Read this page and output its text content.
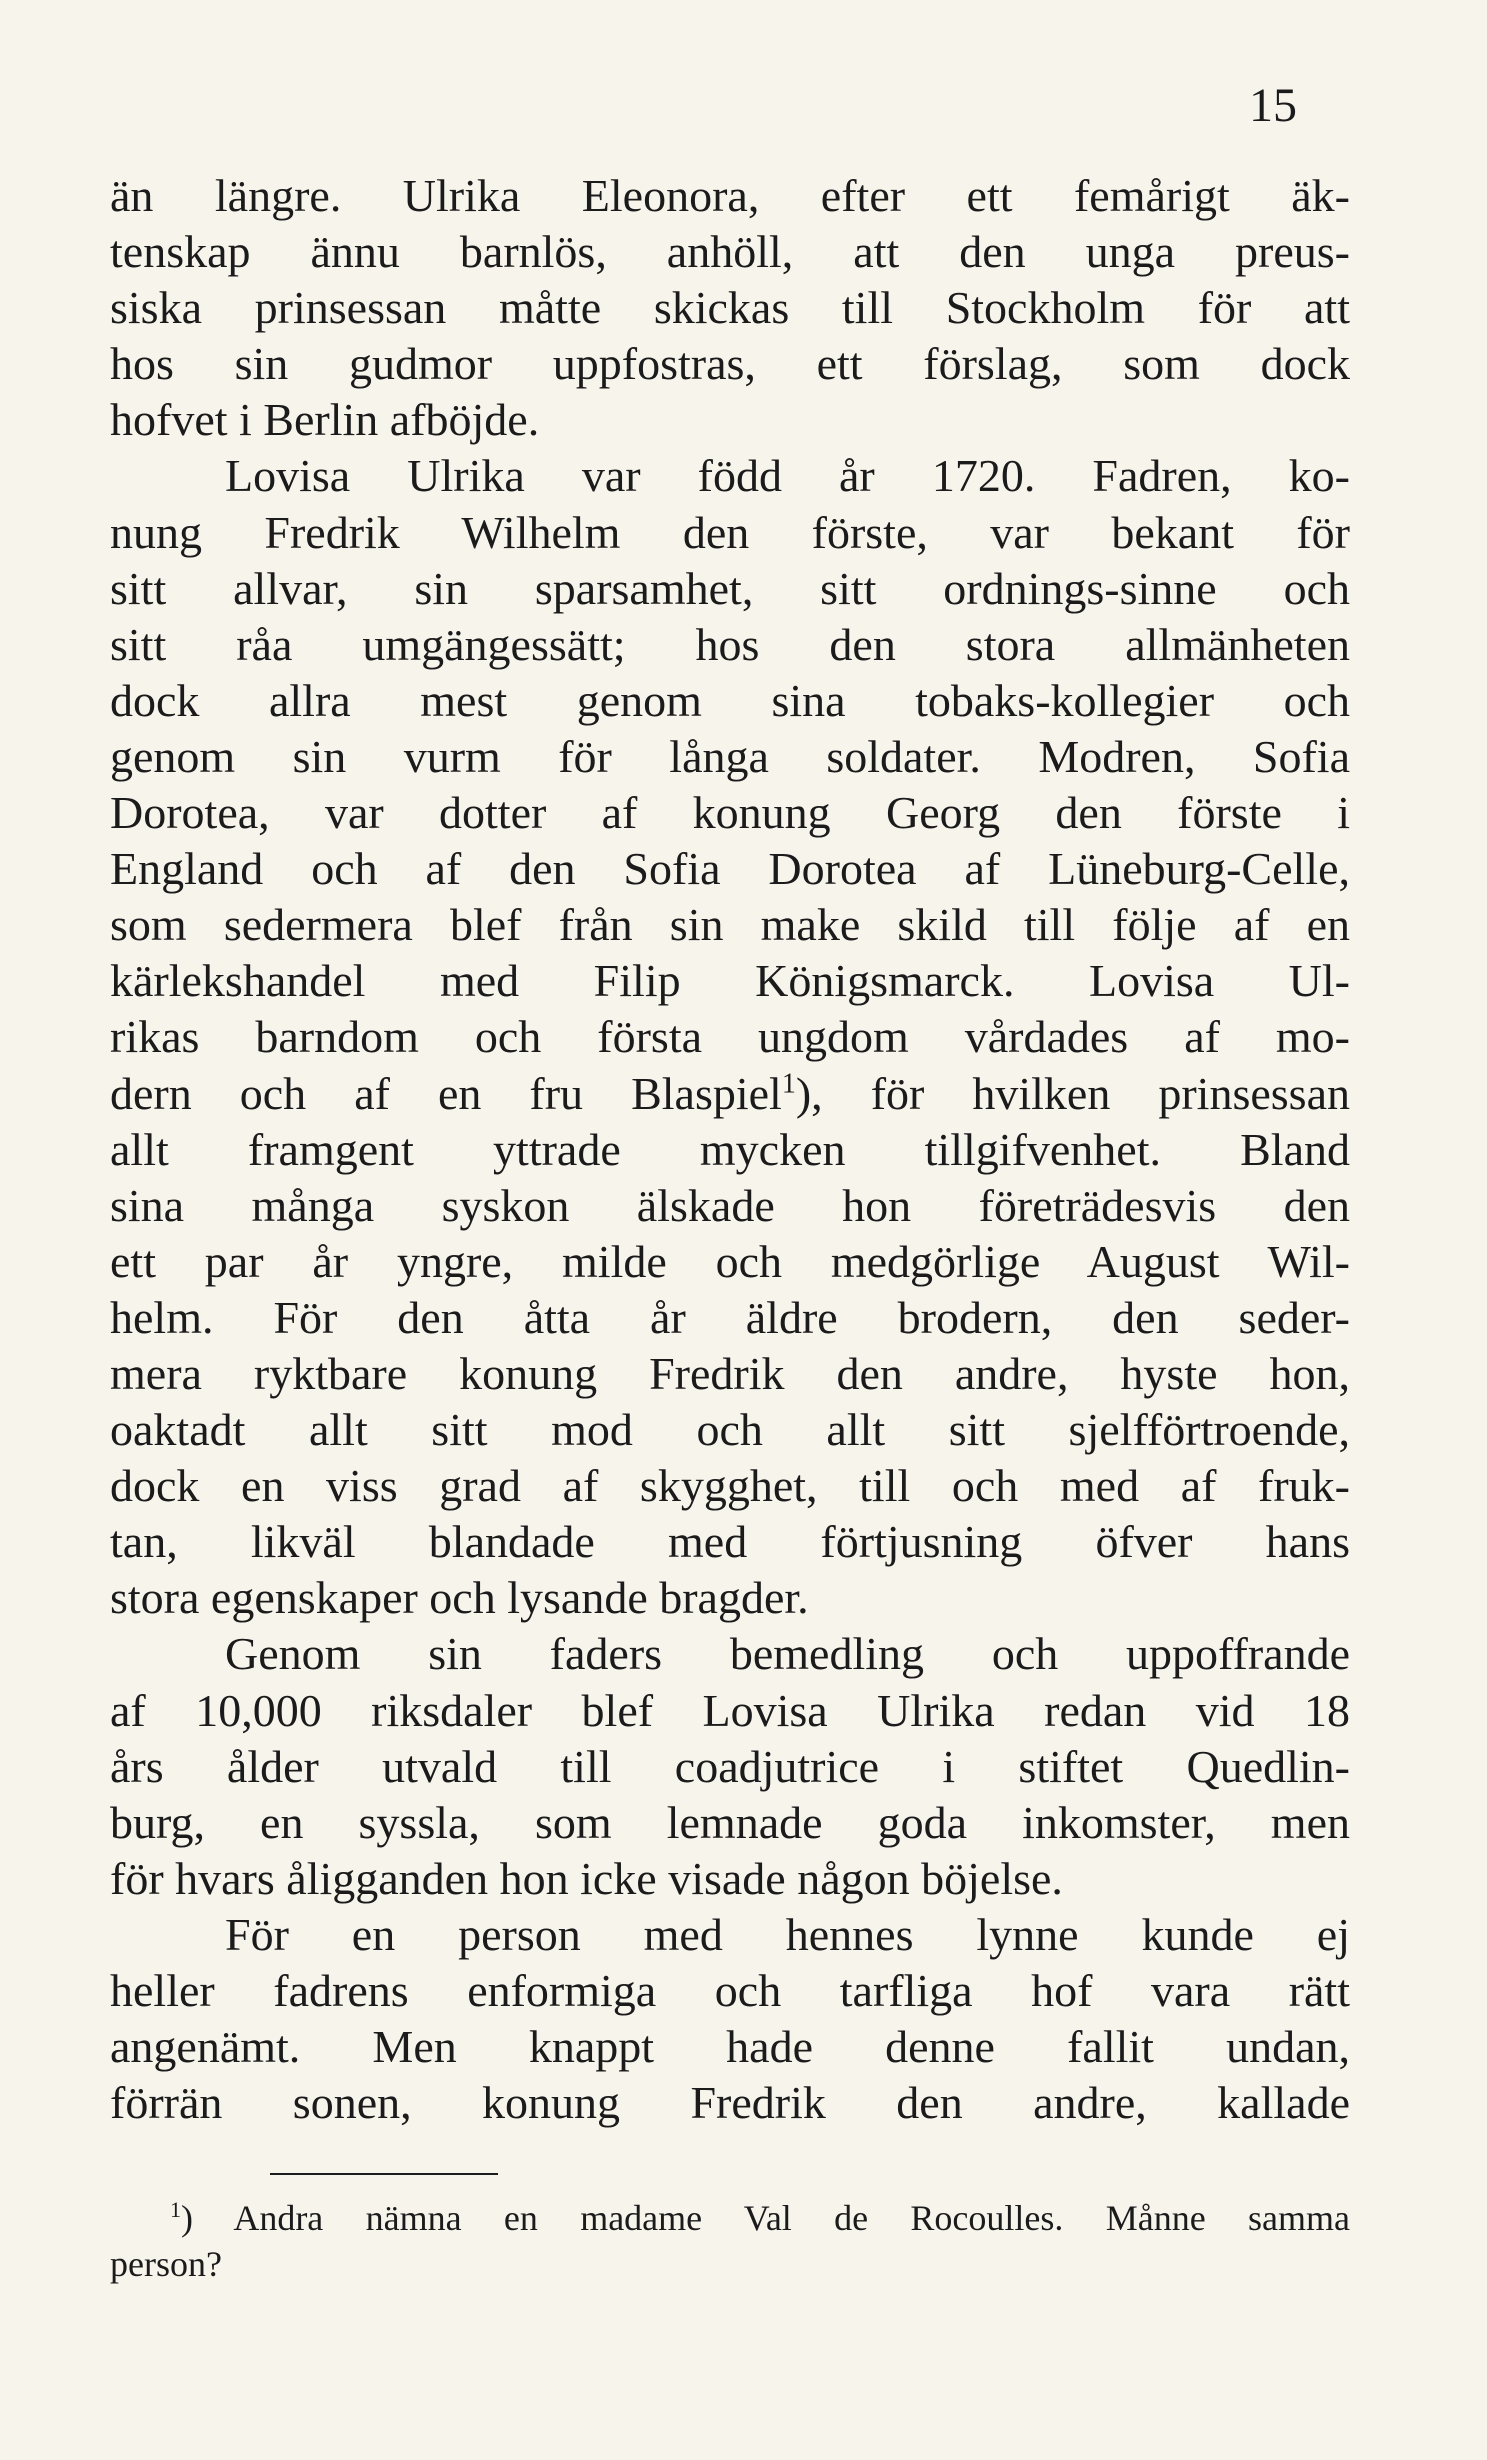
15
än längre. Ulrika Eleonora, efter ett femårigt äk-
tenskap ännu barnlös, anhöll, att den unga preus-
siska prinsessan måtte skickas till Stockholm för att
hos sin gudmor uppfostras, ett förslag, som dock
hofvet i Berlin afböjde.
Lovisa Ulrika var född år 1720. Fadren, ko-
nung Fredrik Wilhelm den förste, var bekant för
sitt allvar, sin sparsamhet, sitt ordnings-sinne och
sitt råa umgängessätt; hos den stora allmänheten
dock allra mest genom sina tobaks-kollegier och
genom sin vurm för långa soldater. Modren, Sofia
Dorotea, var dotter af konung Georg den förste i
England och af den Sofia Dorotea af Lüneburg-Celle,
som sedermera blef från sin make skild till följe af en
kärlekshandel med Filip Königsmarck. Lovisa Ul-
rikas barndom och första ungdom vårdades af mo-
dern och af en fru Blaspiel$^1$), för hvilken prinsessan
allt framgent yttrade mycken tillgifvenhet. Bland
sina många syskon älskade hon företrädesvis den
ett par år yngre, milde och medgörlige August Wil-
helm. För den åtta år äldre brodern, den seder-
mera ryktbare konung Fredrik den andre, hyste hon,
oaktadt allt sitt mod och allt sitt sjelfförtroende,
dock en viss grad af skygghet, till och med af fruk-
tan, likväl blandade med förtjusning öfver hans
stora egenskaper och lysande bragder.
Genom sin faders bemedling och uppoffrande
af 10,000 riksdaler blef Lovisa Ulrika redan vid 18
års ålder utvald till coadjutrice i stiftet Quedlin-
burg, en syssla, som lemnade goda inkomster, men
för hvars åligganden hon icke visade någon böjelse.
För en person med hennes lynne kunde ej
heller fadrens enformiga och tarfliga hof vara rätt
angenämt. Men knappt hade denne fallit undan,
förrän sonen, konung Fredrik den andre, kallade
$^1$) Andra nämna en madame Val de Rocoulles. Månne samma
person?
